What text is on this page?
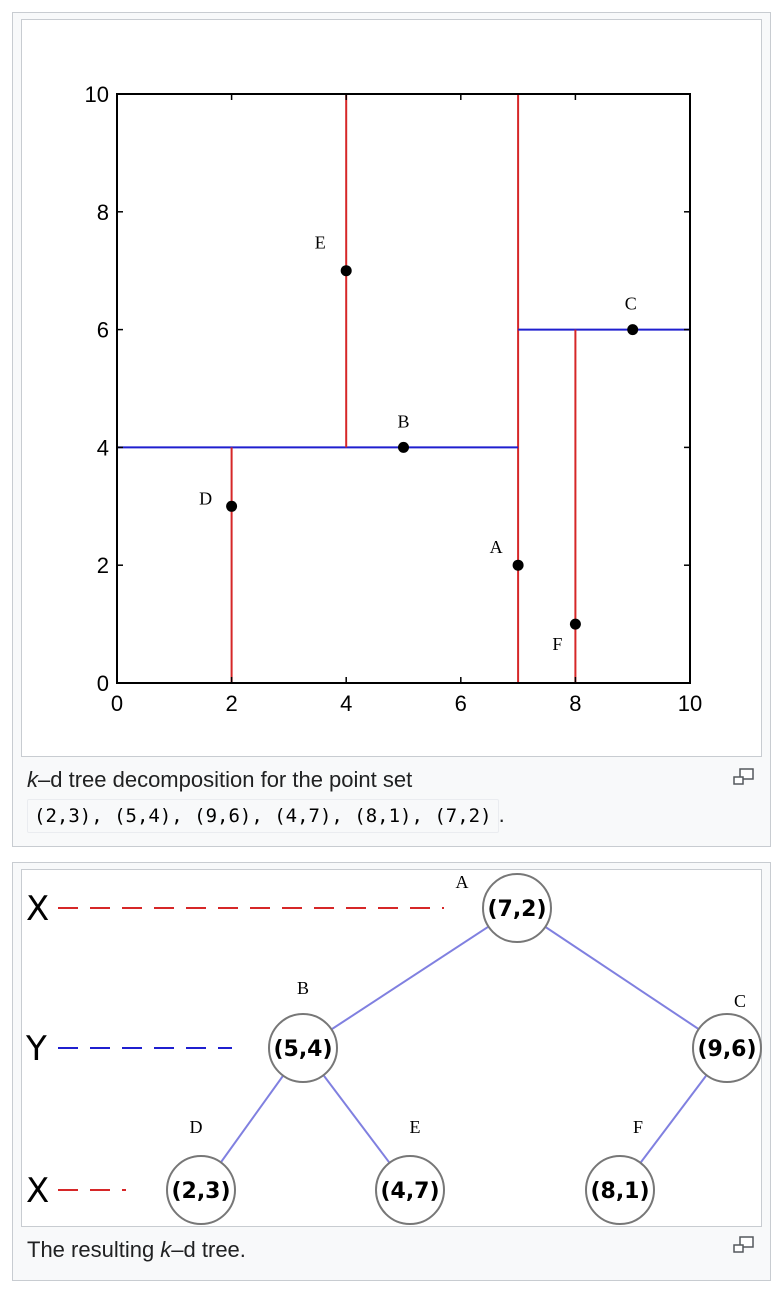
0	2	4	6	8	10
0
2
4
6
8
10
A
B
C
D
E
F
k–d tree decomposition for the point set
(2,3), (5,4), (9,6), (4,7), (8,1), (7,2) .
X
Y
X
(7,2)
A
(5,4)
B
(9,6)
C
(2,3)
D
(4,7)
E
(8,1)
F
The resulting k–d tree.
